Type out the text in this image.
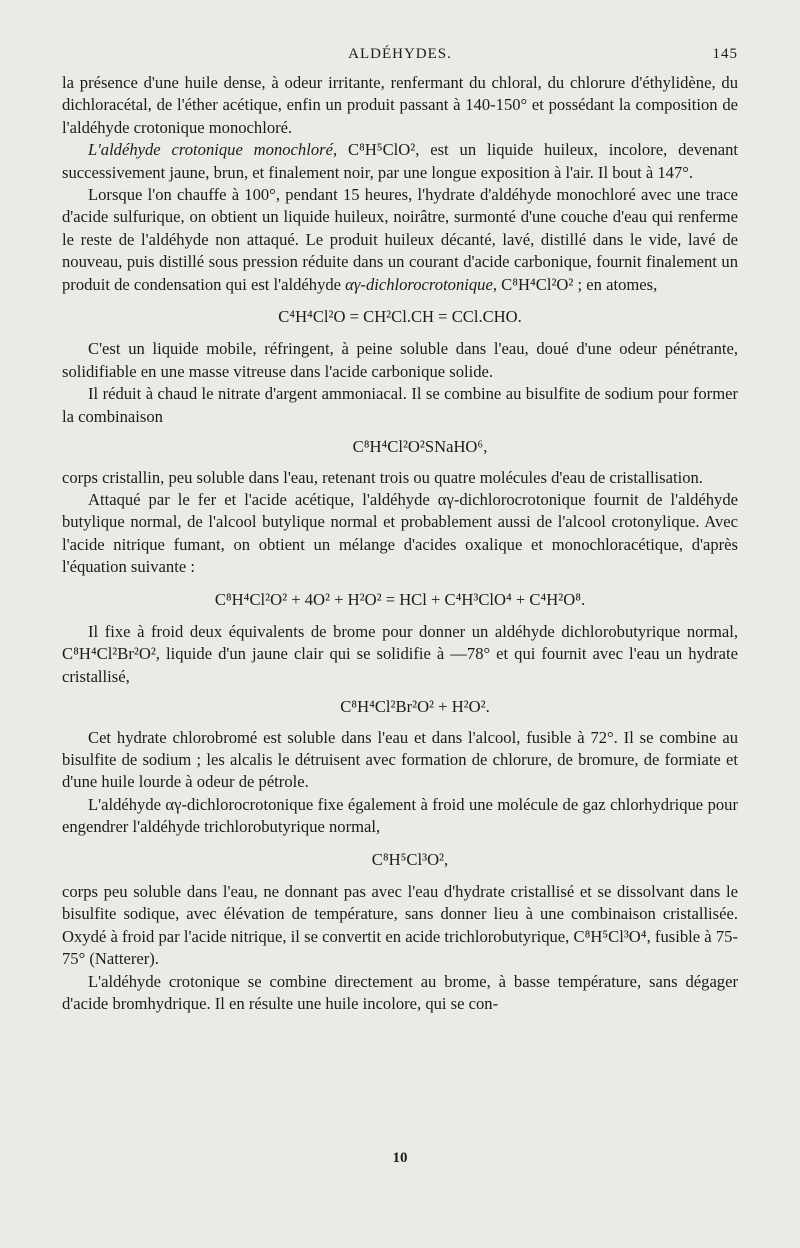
ALDÉHYDES.	145

la présence d'une huile dense, à odeur irritante, renfermant du chloral, du chlorure d'éthylidène, du dichloracétal, de l'éther acétique, enfin un produit passant à 140-150° et possédant la composition de l'aldéhyde crotonique monochloré.

L'aldéhyde crotonique monochloré, C⁸H⁵ClO², est un liquide huileux, incolore, devenant successivement jaune, brun, et finalement noir, par une longue exposition à l'air. Il bout à 147°.

Lorsque l'on chauffe à 100°, pendant 15 heures, l'hydrate d'aldéhyde monochloré avec une trace d'acide sulfurique, on obtient un liquide huileux, noirâtre, surmonté d'une couche d'eau qui renferme le reste de l'aldéhyde non attaqué. Le produit huileux décanté, lavé, distillé dans le vide, lavé de nouveau, puis distillé sous pression réduite dans un courant d'acide carbonique, fournit finalement un produit de condensation qui est l'aldéhyde αγ-dichlorocrotonique, C⁸H⁴Cl²O² ; en atomes,

C⁴H⁴Cl²O = CH²Cl.CH = CCl.CHO.

C'est un liquide mobile, réfringent, à peine soluble dans l'eau, doué d'une odeur pénétrante, solidifiable en une masse vitreuse dans l'acide carbonique solide.

Il réduit à chaud le nitrate d'argent ammoniacal. Il se combine au bisulfite de sodium pour former la combinaison

C⁸H⁴Cl²O²SNaHO⁶,

corps cristallin, peu soluble dans l'eau, retenant trois ou quatre molécules d'eau de cristallisation.

Attaqué par le fer et l'acide acétique, l'aldéhyde αγ-dichlorocrotonique fournit de l'aldéhyde butylique normal, de l'alcool butylique normal et probablement aussi de l'alcool crotonylique. Avec l'acide nitrique fumant, on obtient un mélange d'acides oxalique et monochloracétique, d'après l'équation suivante :

C⁸H⁴Cl²O² + 4O² + H²O² = HCl + C⁴H³ClO⁴ + C⁴H²O⁸.

Il fixe à froid deux équivalents de brome pour donner un aldéhyde dichlorobutyrique normal, C⁸H⁴Cl²Br²O², liquide d'un jaune clair qui se solidifie à —78° et qui fournit avec l'eau un hydrate cristallisé,

C⁸H⁴Cl²Br²O² + H²O².

Cet hydrate chlorobromé est soluble dans l'eau et dans l'alcool, fusible à 72°. Il se combine au bisulfite de sodium ; les alcalis le détruisent avec formation de chlorure, de bromure, de formiate et d'une huile lourde à odeur de pétrole.

L'aldéhyde αγ-dichlorocrotonique fixe également à froid une molécule de gaz chlorhydrique pour engendrer l'aldéhyde trichlorobutyrique normal,

C⁸H⁵Cl³O²,

corps peu soluble dans l'eau, ne donnant pas avec l'eau d'hydrate cristallisé et se dissolvant dans le bisulfite sodique, avec élévation de température, sans donner lieu à une combinaison cristallisée. Oxydé à froid par l'acide nitrique, il se convertit en acide trichlorobutyrique, C⁸H⁵Cl³O⁴, fusible à 75-75° (Natterer).

L'aldéhyde crotonique se combine directement au brome, à basse température, sans dégager d'acide bromhydrique. Il en résulte une huile incolore, qui se con-

10
